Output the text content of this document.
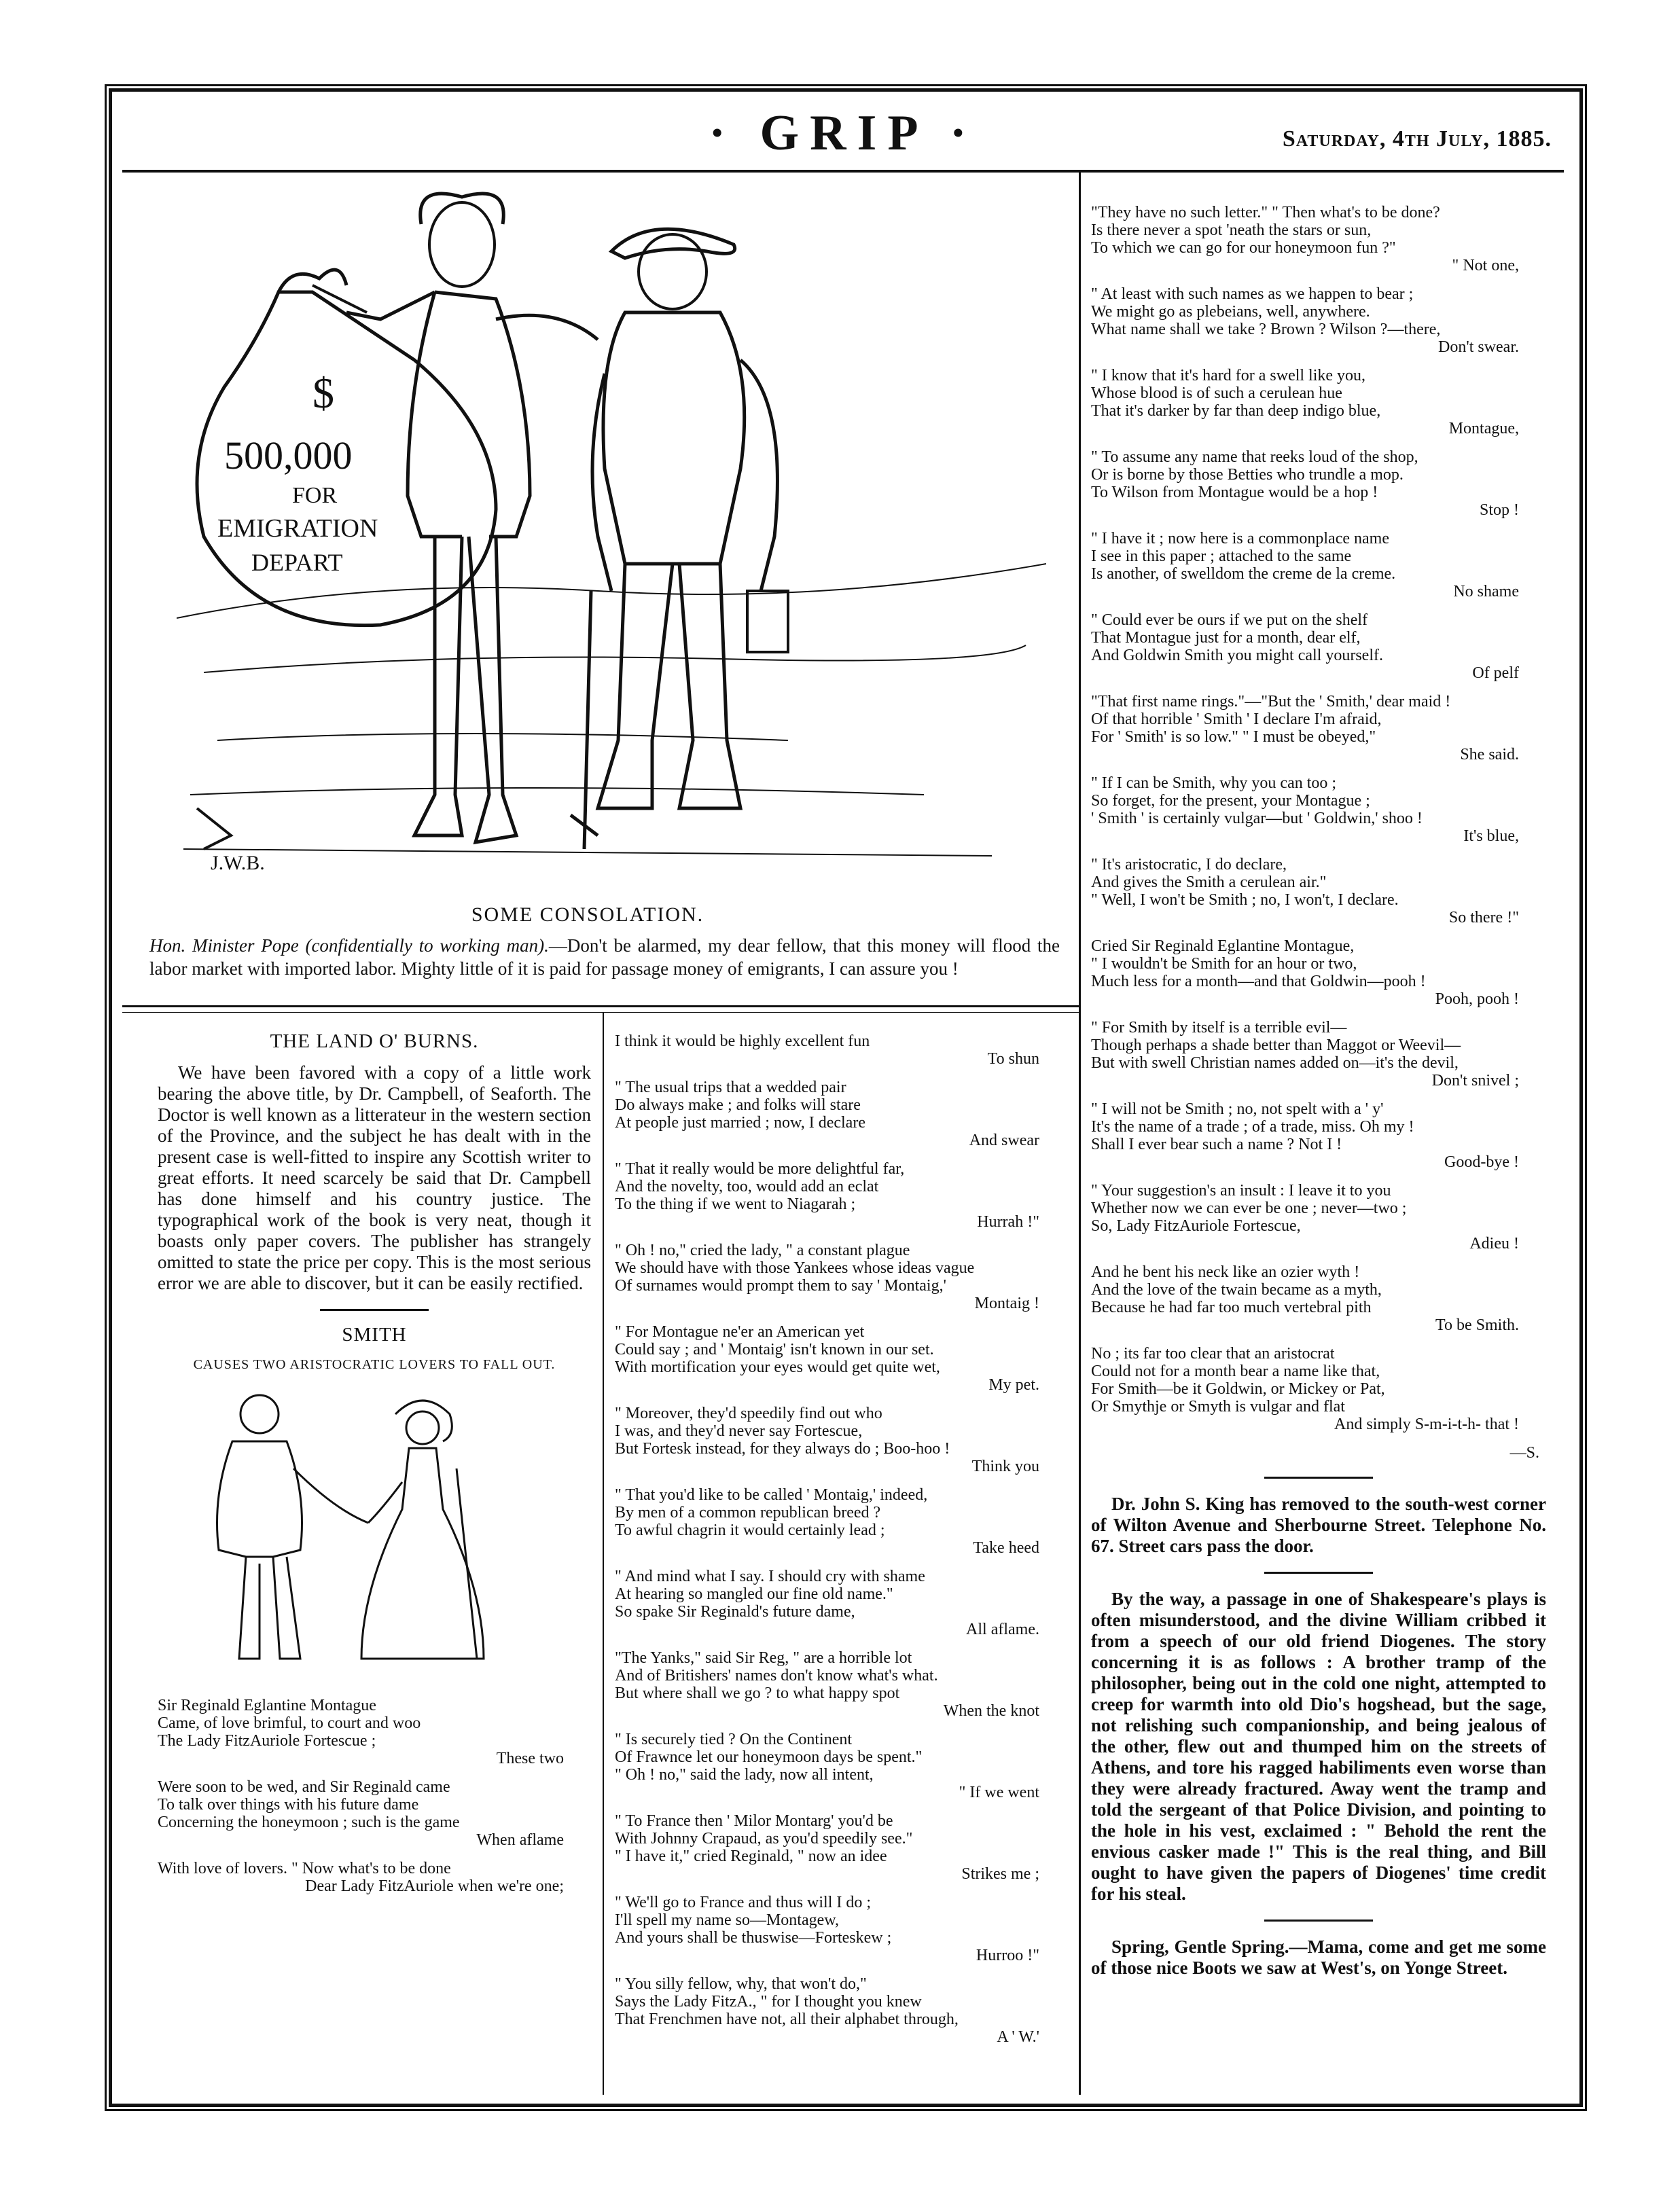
· GRIP ·	Saturday, 4th July, 1885.
$
500,000
FOR
EMIGRATION
DEPART
J.W.B.
SOME CONSOLATION.
Hon. Minister Pope (confidentially to working man).—Don't be alarmed, my dear fellow, that this money will flood the labor market with imported labor. Mighty little of it is paid for passage money of emigrants, I can assure you !
THE LAND O' BURNS.

We have been favored with a copy of a little work bearing the above title, by Dr. Campbell, of Seaforth. The Doctor is well known as a litterateur in the western section of the Province, and the subject he has dealt with in the present case is well-fitted to inspire any Scottish writer to great efforts. It need scarcely be said that Dr. Campbell has done himself and his country justice. The typographical work of the book is very neat, though it boasts only paper covers. The publisher has strangely omitted to state the price per copy. This is the most serious error we are able to discover, but it can be easily rectified.

SMITH
CAUSES TWO ARISTOCRATIC LOVERS TO FALL OUT.
Sir Reginald Eglantine Montague
Came, of love brimful, to court and woo
The Lady FitzAuriole Fortescue ;
These two
Were soon to be wed, and Sir Reginald came
To talk over things with his future dame
Concerning the honeymoon ; such is the game
When aflame
With love of lovers. " Now what's to be done
Dear Lady FitzAuriole when we're one;
I think it would be highly excellent fun
To shun
" The usual trips that a wedded pair
Do always make ; and folks will stare
At people just married ; now, I declare
And swear
" That it really would be more delightful far,
And the novelty, too, would add an eclat
To the thing if we went to Niagarah ;
Hurrah !"
" Oh ! no," cried the lady, " a constant plague
We should have with those Yankees whose ideas vague
Of surnames would prompt them to say ' Montaig,'
Montaig !
" For Montague ne'er an American yet
Could say ; and ' Montaig' isn't known in our set.
With mortification your eyes would get quite wet,
My pet.
" Moreover, they'd speedily find out who
I was, and they'd never say Fortescue,
But Fortesk instead, for they always do ; Boo-hoo !
Think you
" That you'd like to be called ' Montaig,' indeed,
By men of a common republican breed ?
To awful chagrin it would certainly lead ;
Take heed
" And mind what I say. I should cry with shame
At hearing so mangled our fine old name."
So spake Sir Reginald's future dame,
All aflame.
"The Yanks," said Sir Reg, " are a horrible lot
And of Britishers' names don't know what's what.
But where shall we go ? to what happy spot
When the knot
" Is securely tied ? On the Continent
Of Frawnce let our honeymoon days be spent."
" Oh ! no," said the lady, now all intent,
" If we went
" To France then ' Milor Montarg' you'd be
With Johnny Crapaud, as you'd speedily see."
" I have it," cried Reginald, " now an idee
Strikes me ;
" We'll go to France and thus will I do ;
I'll spell my name so—Montagew,
And yours shall be thuswise—Forteskew ;
Hurroo !"
" You silly fellow, why, that won't do,"
Says the Lady FitzA., " for I thought you knew
That Frenchmen have not, all their alphabet through,
A ' W.'
"They have no such letter." " Then what's to be done?
Is there never a spot 'neath the stars or sun,
To which we can go for our honeymoon fun ?"
" Not one,
" At least with such names as we happen to bear ;
We might go as plebeians, well, anywhere.
What name shall we take ? Brown ? Wilson ?—there,
Don't swear.
" I know that it's hard for a swell like you,
Whose blood is of such a cerulean hue
That it's darker by far than deep indigo blue,
Montague,
" To assume any name that reeks loud of the shop,
Or is borne by those Betties who trundle a mop.
To Wilson from Montague would be a hop !
Stop !
" I have it ; now here is a commonplace name
I see in this paper ; attached to the same
Is another, of swelldom the creme de la creme.
No shame
" Could ever be ours if we put on the shelf
That Montague just for a month, dear elf,
And Goldwin Smith you might call yourself.
Of pelf
"That first name rings."—"But the ' Smith,' dear maid !
Of that horrible ' Smith ' I declare I'm afraid,
For ' Smith' is so low." " I must be obeyed,"
She said.
" If I can be Smith, why you can too ;
So forget, for the present, your Montague ;
' Smith ' is certainly vulgar—but ' Goldwin,' shoo !
It's blue,
" It's aristocratic, I do declare,
And gives the Smith a cerulean air."
" Well, I won't be Smith ; no, I won't, I declare.
So there !"
Cried Sir Reginald Eglantine Montague,
" I wouldn't be Smith for an hour or two,
Much less for a month—and that Goldwin—pooh !
Pooh, pooh !
" For Smith by itself is a terrible evil—
Though perhaps a shade better than Maggot or Weevil—
But with swell Christian names added on—it's the devil,
Don't snivel ;
" I will not be Smith ; no, not spelt with a ' y'
It's the name of a trade ; of a trade, miss. Oh my !
Shall I ever bear such a name ? Not I !
Good-bye !
" Your suggestion's an insult : I leave it to you
Whether now we can ever be one ; never—two ;
So, Lady FitzAuriole Fortescue,
Adieu !
And he bent his neck like an ozier wyth !
And the love of the twain became as a myth,
Because he had far too much vertebral pith
To be Smith.
No ; its far too clear that an aristocrat
Could not for a month bear a name like that,
For Smith—be it Goldwin, or Mickey or Pat,
Or Smythje or Smyth is vulgar and flat
And simply S-m-i-t-h- that !
—S.

Dr. John S. King has removed to the south-west corner of Wilton Avenue and Sherbourne Street. Telephone No. 67. Street cars pass the door.

By the way, a passage in one of Shakespeare's plays is often misunderstood, and the divine William cribbed it from a speech of our old friend Diogenes. The story concerning it is as follows : A brother tramp of the philosopher, being out in the cold one night, attempted to creep for warmth into old Dio's hogshead, but the sage, not relishing such companionship, and being jealous of the other, flew out and thumped him on the streets of Athens, and tore his ragged habiliments even worse than they were already fractured. Away went the tramp and told the sergeant of that Police Division, and pointing to the hole in his vest, exclaimed : " Behold the rent the envious casker made !" This is the real thing, and Bill ought to have given the papers of Diogenes' time credit for his steal.

Spring, Gentle Spring.—Mama, come and get me some of those nice Boots we saw at West's, on Yonge Street.
